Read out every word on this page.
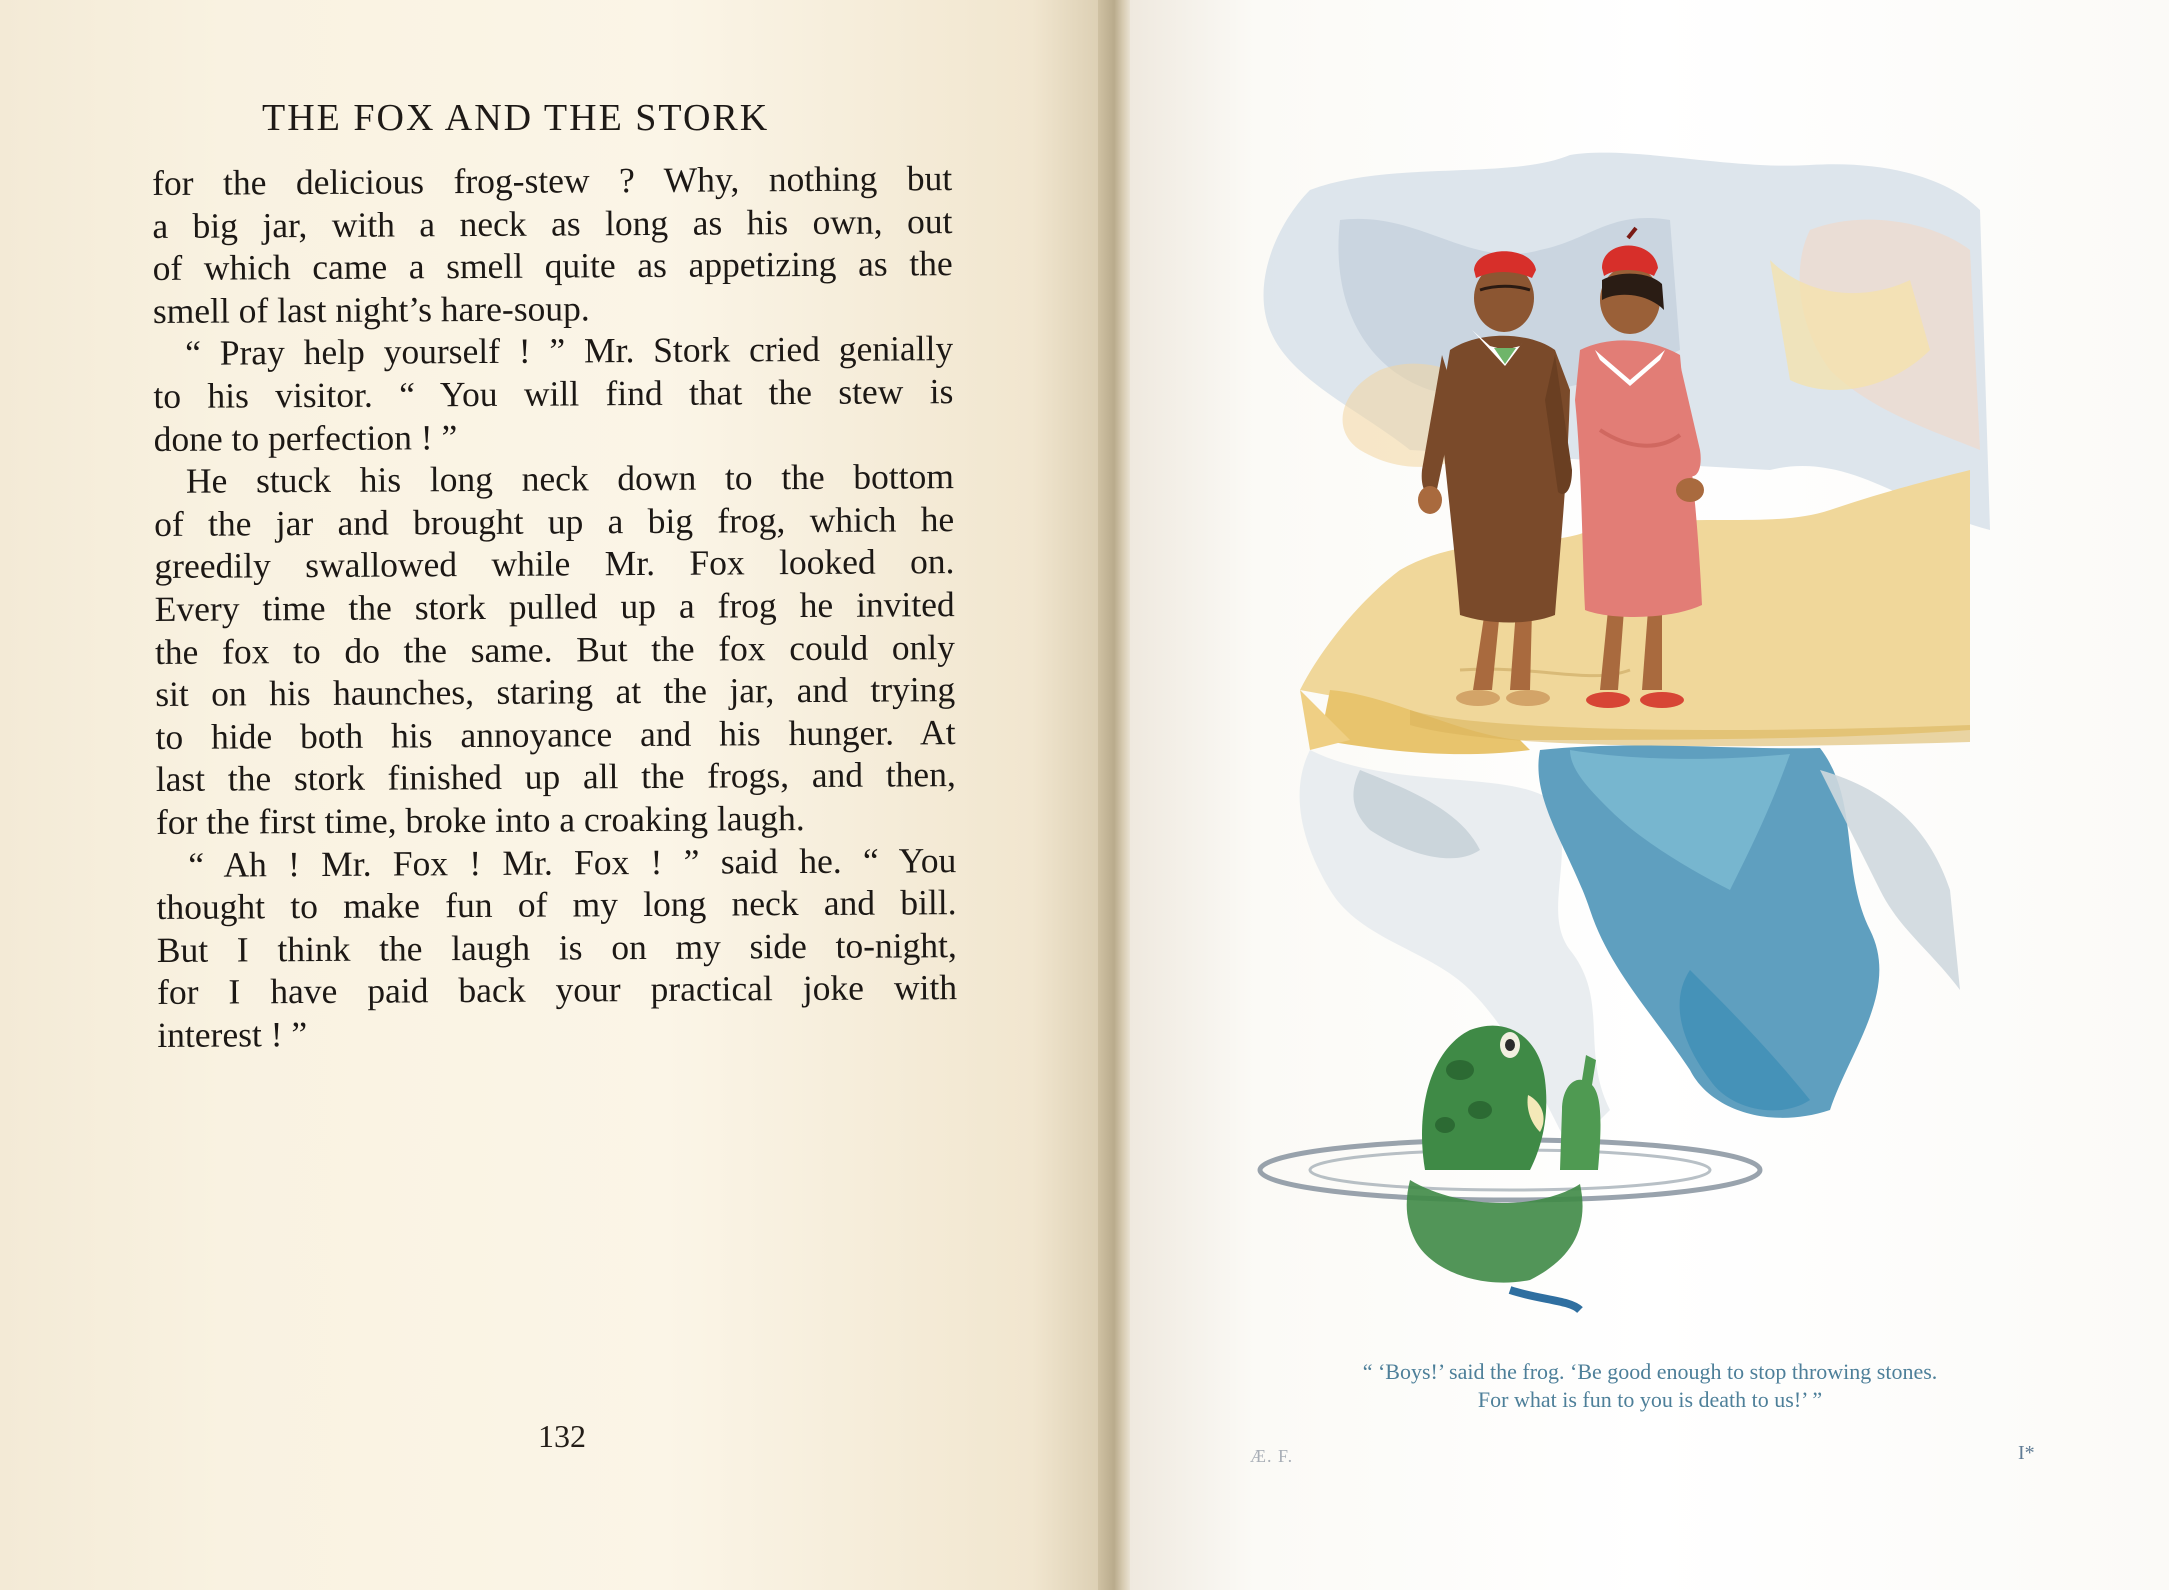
THE FOX AND THE STORK
for the delicious frog-stew ? Why, nothing but
a big jar, with a neck as long as his own, out
of which came a smell quite as appetizing as the
smell of last night’s hare-soup.
“ Pray help yourself ! ” Mr. Stork cried genially
to his visitor. “ You will find that the stew is
done to perfection ! ”
He stuck his long neck down to the bottom
of the jar and brought up a big frog, which he
greedily swallowed while Mr. Fox looked on.
Every time the stork pulled up a frog he invited
the fox to do the same. But the fox could only
sit on his haunches, staring at the jar, and trying
to hide both his annoyance and his hunger. At
last the stork finished up all the frogs, and then,
for the first time, broke into a croaking laugh.
“ Ah ! Mr. Fox ! Mr. Fox ! ” said he. “ You
thought to make fun of my long neck and bill.
But I think the laugh is on my side to-night,
for I have paid back your practical joke with
interest ! ”
132
“ ‘Boys!’ said the frog. ‘Be good enough to stop throwing stones.
For what is fun to you is death to us!’ ”
Æ. F.	I*
